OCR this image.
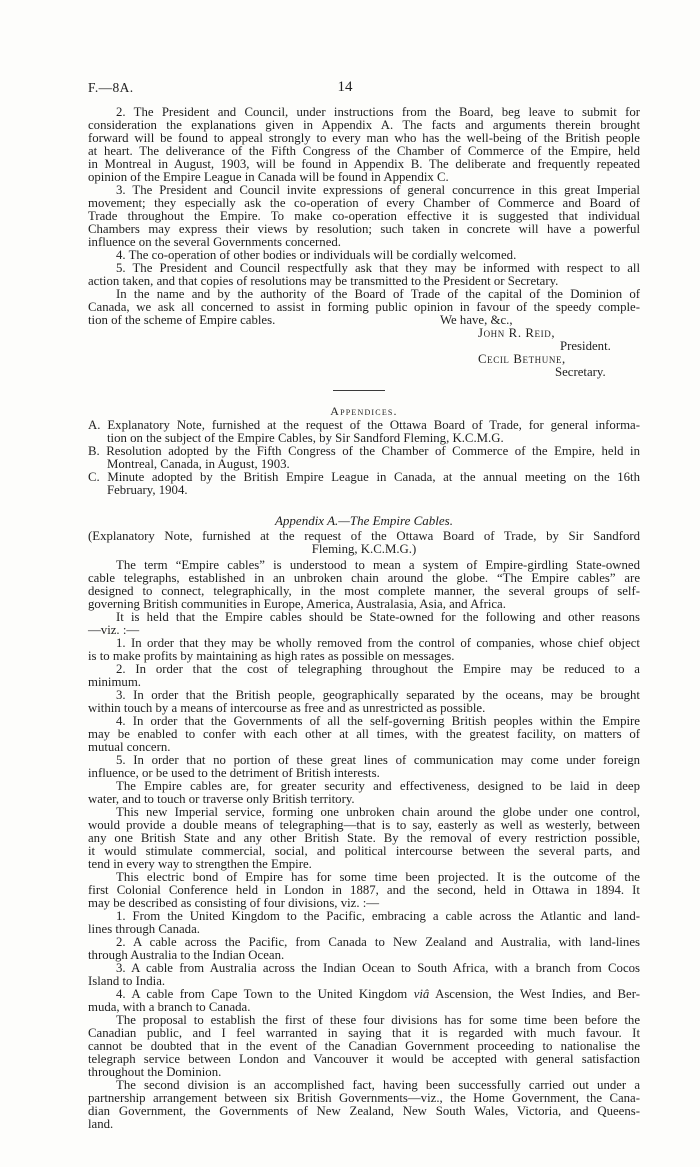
F.—8A.	14
2. The President and Council, under instructions from the Board, beg leave to submit for
consideration the explanations given in Appendix A. The facts and arguments therein brought
forward will be found to appeal strongly to every man who has the well-being of the British people
at heart. The deliverance of the Fifth Congress of the Chamber of Commerce of the Empire, held
in Montreal in August, 1903, will be found in Appendix B. The deliberate and frequently repeated
opinion of the Empire League in Canada will be found in Appendix C.
3. The President and Council invite expressions of general concurrence in this great Imperial
movement; they especially ask the co-operation of every Chamber of Commerce and Board of
Trade throughout the Empire. To make co-operation effective it is suggested that individual
Chambers may express their views by resolution; such taken in concrete will have a powerful
influence on the several Governments concerned.
4. The co-operation of other bodies or individuals will be cordially welcomed.
5. The President and Council respectfully ask that they may be informed with respect to all
action taken, and that copies of resolutions may be transmitted to the President or Secretary.
In the name and by the authority of the Board of Trade of the capital of the Dominion of
Canada, we ask all concerned to assist in forming public opinion in favour of the speedy comple-
tion of the scheme of Empire cables.	We have, &c.,
John R. Reid,
President.
Cecil Bethune,
Secretary.
Appendices.
A. Explanatory Note, furnished at the request of the Ottawa Board of Trade, for general informa-
tion on the subject of the Empire Cables, by Sir Sandford Fleming, K.C.M.G.
B. Resolution adopted by the Fifth Congress of the Chamber of Commerce of the Empire, held in
Montreal, Canada, in August, 1903.
C. Minute adopted by the British Empire League in Canada, at the annual meeting on the 16th
February, 1904.
Appendix A.—The Empire Cables.
(Explanatory Note, furnished at the request of the Ottawa Board of Trade, by Sir Sandford
Fleming, K.C.M.G.)
The term “Empire cables” is understood to mean a system of Empire-girdling State-owned
cable telegraphs, established in an unbroken chain around the globe. “The Empire cables” are
designed to connect, telegraphically, in the most complete manner, the several groups of self-
governing British communities in Europe, America, Australasia, Asia, and Africa.
It is held that the Empire cables should be State-owned for the following and other reasons
—viz. :—
1. In order that they may be wholly removed from the control of companies, whose chief object
is to make profits by maintaining as high rates as possible on messages.
2. In order that the cost of telegraphing throughout the Empire may be reduced to a
minimum.
3. In order that the British people, geographically separated by the oceans, may be brought
within touch by a means of intercourse as free and as unrestricted as possible.
4. In order that the Governments of all the self-governing British peoples within the Empire
may be enabled to confer with each other at all times, with the greatest facility, on matters of
mutual concern.
5. In order that no portion of these great lines of communication may come under foreign
influence, or be used to the detriment of British interests.
The Empire cables are, for greater security and effectiveness, designed to be laid in deep
water, and to touch or traverse only British territory.
This new Imperial service, forming one unbroken chain around the globe under one control,
would provide a double means of telegraphing—that is to say, easterly as well as westerly, between
any one British State and any other British State. By the removal of every restriction possible,
it would stimulate commercial, social, and political intercourse between the several parts, and
tend in every way to strengthen the Empire.
This electric bond of Empire has for some time been projected. It is the outcome of the
first Colonial Conference held in London in 1887, and the second, held in Ottawa in 1894. It
may be described as consisting of four divisions, viz. :—
1. From the United Kingdom to the Pacific, embracing a cable across the Atlantic and land-
lines through Canada.
2. A cable across the Pacific, from Canada to New Zealand and Australia, with land-lines
through Australia to the Indian Ocean.
3. A cable from Australia across the Indian Ocean to South Africa, with a branch from Cocos
Island to India.
4. A cable from Cape Town to the United Kingdom viâ Ascension, the West Indies, and Ber-
muda, with a branch to Canada.
The proposal to establish the first of these four divisions has for some time been before the
Canadian public, and I feel warranted in saying that it is regarded with much favour. It
cannot be doubted that in the event of the Canadian Government proceeding to nationalise the
telegraph service between London and Vancouver it would be accepted with general satisfaction
throughout the Dominion.
The second division is an accomplished fact, having been successfully carried out under a
partnership arrangement between six British Governments—viz., the Home Government, the Cana-
dian Government, the Governments of New Zealand, New South Wales, Victoria, and Queens-
land.
